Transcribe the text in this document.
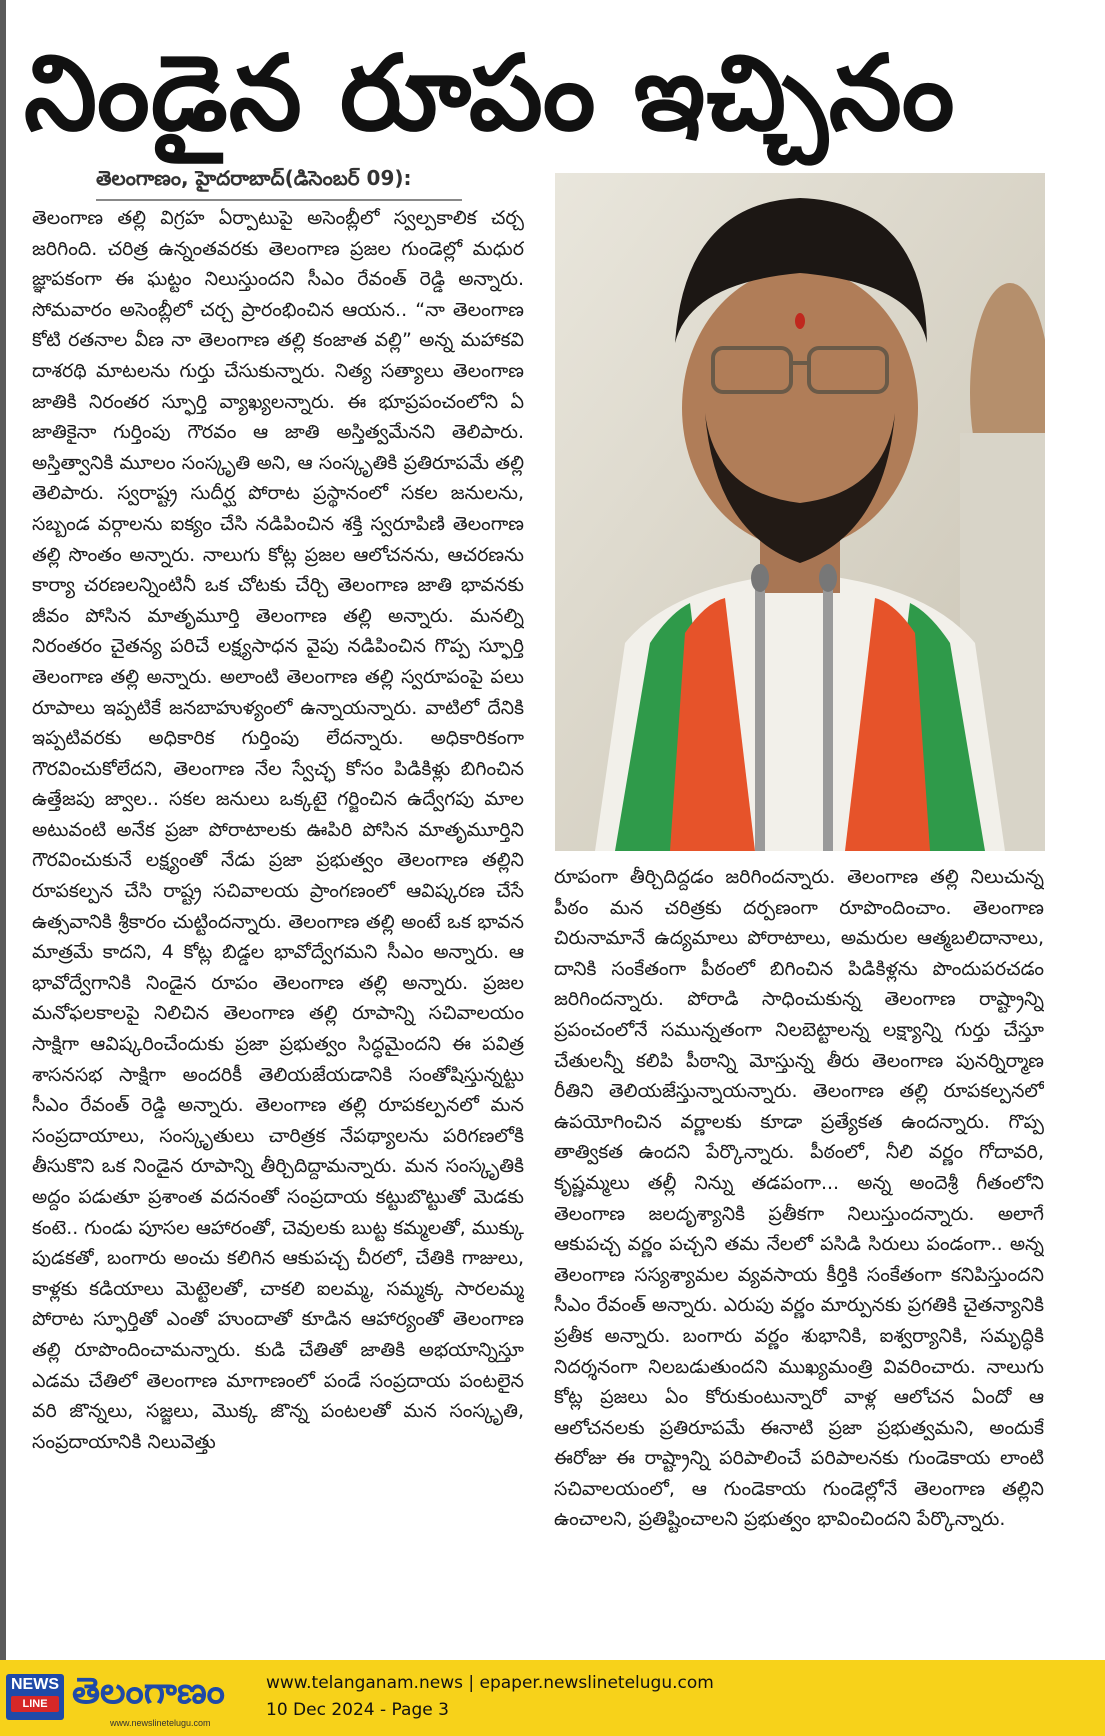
నిండైన రూపం ఇచ్చినం
తెలంగాణం, హైదరాబాద్(డిసెంబర్ 09):

తెలంగాణ తల్లి విగ్రహ ఏర్పాటుపై అసెంబ్లీలో స్వల్పకాలిక చర్చ జరిగింది. చరిత్ర ఉన్నంతవరకు తెలంగాణ ప్రజల గుండెల్లో మధుర జ్ఞాపకంగా ఈ ఘట్టం నిలుస్తుందని సీఎం రేవంత్ రెడ్డి అన్నారు. సోమవారం అసెంబ్లీలో చర్చ ప్రారంభించిన ఆయన.. “నా తెలంగాణ కోటి రతనాల వీణ నా తెలంగాణ తల్లి కంజాత వల్లి” అన్న మహాకవి దాశరథి మాటలను గుర్తు చేసుకున్నారు. నిత్య సత్యాలు తెలంగాణ జాతికి నిరంతర స్ఫూర్తి వ్యాఖ్యలన్నారు. ఈ భూప్రపంచంలోని ఏ జాతికైనా గుర్తింపు గౌరవం ఆ జాతి అస్తిత్వమేనని తెలిపారు. అస్తిత్వానికి మూలం సంస్కృతి అని, ఆ సంస్కృతికి ప్రతిరూపమే తల్లి తెలిపారు. స్వరాష్ట్ర సుదీర్ఘ పోరాట ప్రస్థానంలో సకల జనులను, సబ్బండ వర్గాలను ఐక్యం చేసి నడిపించిన శక్తి స్వరూపిణి తెలంగాణ తల్లి సొంతం అన్నారు. నాలుగు కోట్ల ప్రజల ఆలోచనను, ఆచరణను కార్యా చరణలన్నింటినీ ఒక చోటకు చేర్చి తెలంగాణ జాతి భావనకు జీవం పోసిన మాతృమూర్తి తెలంగాణ తల్లి అన్నారు. మనల్ని నిరంతరం చైతన్య పరిచే లక్ష్యసాధన వైపు నడిపించిన గొప్ప స్ఫూర్తి తెలంగాణ తల్లి అన్నారు. అలాంటి తెలంగాణ తల్లి స్వరూపంపై పలు రూపాలు ఇప్పటికే జనబాహుళ్యంలో ఉన్నాయన్నారు. వాటిలో దేనికి ఇప్పటివరకు అధికారిక గుర్తింపు లేదన్నారు. అధికారికంగా గౌరవించుకోలేదని, తెలంగాణ నేల స్వేచ్ఛ కోసం పిడికిళ్లు బిగించిన ఉత్తేజపు జ్వాల.. సకల జనులు ఒక్కటై గర్జించిన ఉద్వేగపు మాల అటువంటి అనేక ప్రజా పోరాటాలకు ఊపిరి పోసిన మాతృమూర్తిని గౌరవించుకునే లక్ష్యంతో నేడు ప్రజా ప్రభుత్వం తెలంగాణ తల్లిని రూపకల్పన చేసి రాష్ట్ర సచివాలయ ప్రాంగణంలో ఆవిష్కరణ చేసే ఉత్సవానికి శ్రీకారం చుట్టిందన్నారు. తెలంగాణ తల్లి అంటే ఒక భావన మాత్రమే కాదని, 4 కోట్ల బిడ్డల భావోద్వేగమని సీఎం అన్నారు. ఆ భావోద్వేగానికి నిండైన రూపం తెలంగాణ తల్లి అన్నారు. ప్రజల మనోఫలకాలపై నిలిచిన తెలంగాణ తల్లి రూపాన్ని సచివాలయం సాక్షిగా ఆవిష్కరించేందుకు ప్రజా ప్రభుత్వం సిద్ధమైందని ఈ పవిత్ర శాసనసభ సాక్షిగా అందరికీ తెలియజేయడానికి సంతోషిస్తున్నట్టు సీఎం రేవంత్ రెడ్డి అన్నారు. తెలంగాణ తల్లి రూపకల్పనలో మన సంప్రదాయాలు, సంస్కృతులు చారిత్రక నేపథ్యాలను పరిగణలోకి తీసుకొని ఒక నిండైన రూపాన్ని తీర్చిదిద్దామన్నారు. మన సంస్కృతికి అద్దం పడుతూ ప్రశాంత వదనంతో సంప్రదాయ కట్టుబొట్టుతో మెడకు కంటె.. గుండు పూసల ఆహారంతో, చెవులకు బుట్ట కమ్మలతో, ముక్కు పుడకతో, బంగారు అంచు కలిగిన ఆకుపచ్చ చీరలో, చేతికి గాజులు, కాళ్లకు కడియాలు మెట్టెలతో, చాకలి ఐలమ్మ, సమ్మక్క సారలమ్మ పోరాట స్ఫూర్తితో ఎంతో హుందాతో కూడిన ఆహార్యంతో తెలంగాణ తల్లి రూపొందించామన్నారు. కుడి చేతితో జాతికి అభయాన్నిస్తూ ఎడమ చేతిలో తెలంగాణ మాగాణంలో పండే సంప్రదాయ పంటలైన వరి జొన్నలు, సజ్జలు, మొక్క జొన్న పంటలతో మన సంస్కృతి, సంప్రదాయానికి నిలువెత్తు

రూపంగా తీర్చిదిద్దడం జరిగిందన్నారు. తెలంగాణ తల్లి నిలుచున్న పీఠం మన చరిత్రకు దర్పణంగా రూపొందించాం. తెలంగాణ చిరునామానే ఉద్యమాలు పోరాటాలు, అమరుల ఆత్మబలిదానాలు, దానికి సంకేతంగా పీఠంలో బిగించిన పిడికిళ్లను పొందుపరచడం జరిగిందన్నారు. పోరాడి సాధించుకున్న తెలంగాణ రాష్ట్రాన్ని ప్రపంచంలోనే సమున్నతంగా నిలబెట్టాలన్న లక్ష్యాన్ని గుర్తు చేస్తూ చేతులన్నీ కలిపి పీఠాన్ని మోస్తున్న తీరు తెలంగాణ పునర్నిర్మాణ రీతిని తెలియజేస్తున్నాయన్నారు. తెలంగాణ తల్లి రూపకల్పనలో ఉపయోగించిన వర్ణాలకు కూడా ప్రత్యేకత ఉందన్నారు. గొప్ప తాత్వికత ఉందని పేర్కొన్నారు. పీఠంలో, నీలి వర్ణం గోదావరి, కృష్ణమ్మలు తల్లీ నిన్ను తడపంగా... అన్న అందెశ్రీ గీతంలోని తెలంగాణ జలదృశ్యానికి ప్రతీకగా నిలుస్తుందన్నారు. అలాగే ఆకుపచ్చ వర్ణం పచ్చని తమ నేలలో పసిడి సిరులు పండంగా.. అన్న తెలంగాణ సస్యశ్యామల వ్యవసాయ కీర్తికి సంకేతంగా కనిపిస్తుందని సీఎం రేవంత్ అన్నారు. ఎరుపు వర్ణం మార్పునకు ప్రగతికి చైతన్యానికి ప్రతీక అన్నారు. బంగారు వర్ణం శుభానికి, ఐశ్వర్యానికి, సమృద్ధికి నిదర్శనంగా నిలబడుతుందని ముఖ్యమంత్రి వివరించారు. నాలుగు కోట్ల ప్రజలు ఏం కోరుకుంటున్నారో వాళ్ల ఆలోచన ఏందో ఆ ఆలోచనలకు ప్రతిరూపమే ఈనాటి ప్రజా ప్రభుత్వమని, అందుకే ఈరోజు ఈ రాష్ట్రాన్ని పరిపాలించే పరిపాలనకు గుండెకాయ లాంటి సచివాలయంలో, ఆ గుండెకాయ గుండెల్లోనే తెలంగాణ తల్లిని ఉంచాలని, ప్రతిష్టించాలని ప్రభుత్వం భావించిందని పేర్కొన్నారు.

NEWS
LINE తెలంగాణం
www.newslinetelugu.com
www.telanganam.news | epaper.newslinetelugu.com
10 Dec 2024 - Page 3
